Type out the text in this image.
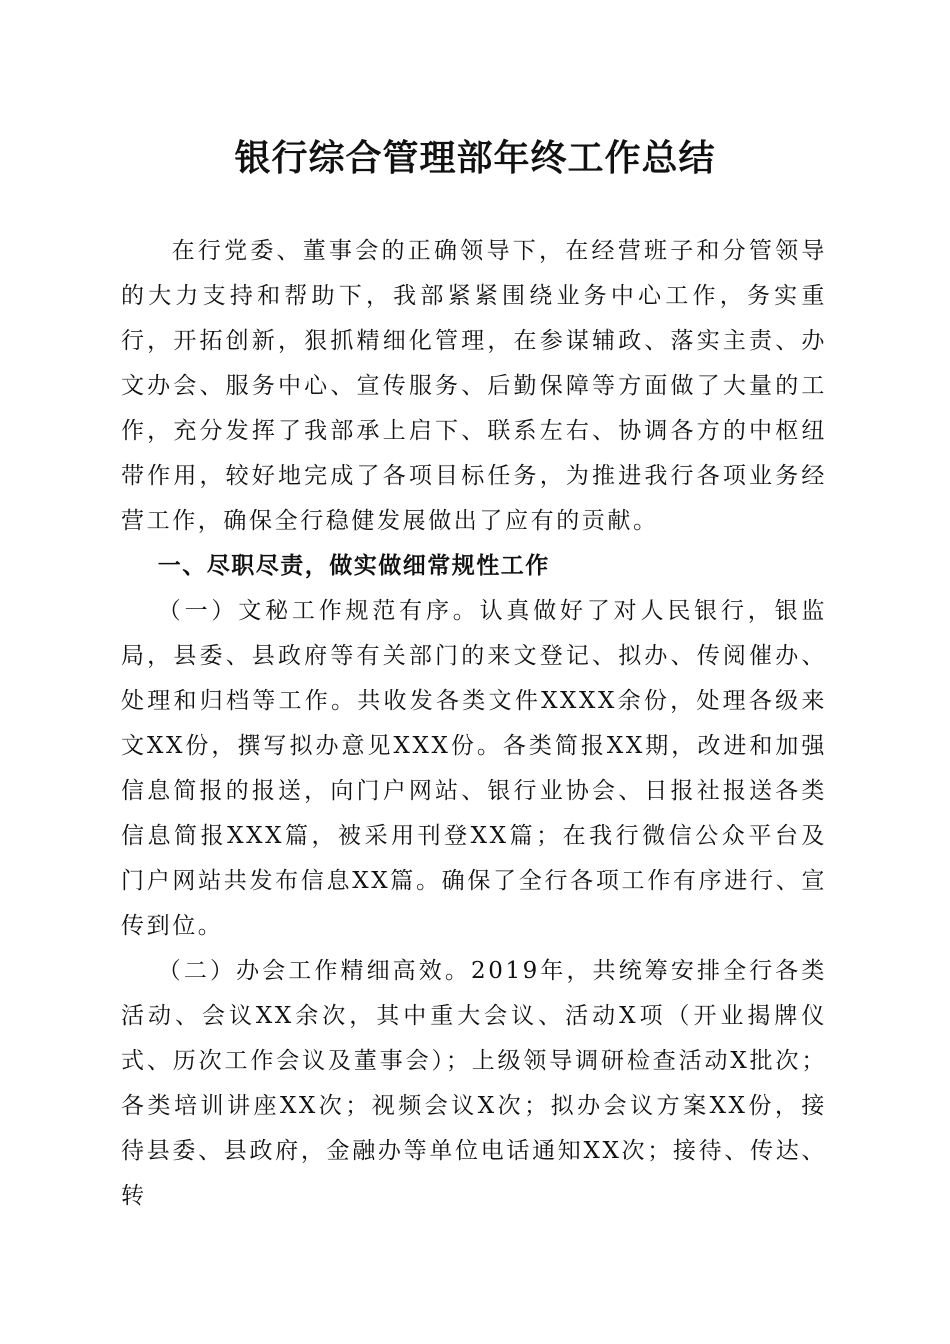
银行综合管理部年终工作总结

在行党委、董事会的正确领导下，在经营班子和分管领导的大力支持和帮助下，我部紧紧围绕业务中心工作，务实重行，开拓创新，狠抓精细化管理，在参谋辅政、落实主责、办文办会、服务中心、宣传服务、后勤保障等方面做了大量的工作，充分发挥了我部承上启下、联系左右、协调各方的中枢纽带作用，较好地完成了各项目标任务，为推进我行各项业务经营工作，确保全行稳健发展做出了应有的贡献。

一、尽职尽责，做实做细常规性工作

（一）文秘工作规范有序。认真做好了对人民银行，银监局，县委、县政府等有关部门的来文登记、拟办、传阅催办、处理和归档等工作。共收发各类文件XXXX余份，处理各级来文XX份，撰写拟办意见XXX份。各类简报XX期，改进和加强信息简报的报送，向门户网站、银行业协会、日报社报送各类信息简报XXX篇，被采用刊登XX篇；在我行微信公众平台及门户网站共发布信息XX篇。确保了全行各项工作有序进行、宣传到位。

（二）办会工作精细高效。2019年，共统筹安排全行各类活动、会议XX余次，其中重大会议、活动X项（开业揭牌仪式、历次工作会议及董事会）；上级领导调研检查活动X批次；各类培训讲座XX次；视频会议X次；拟办会议方案XX份，接待县委、县政府，金融办等单位电话通知XX次；接待、传达、转
